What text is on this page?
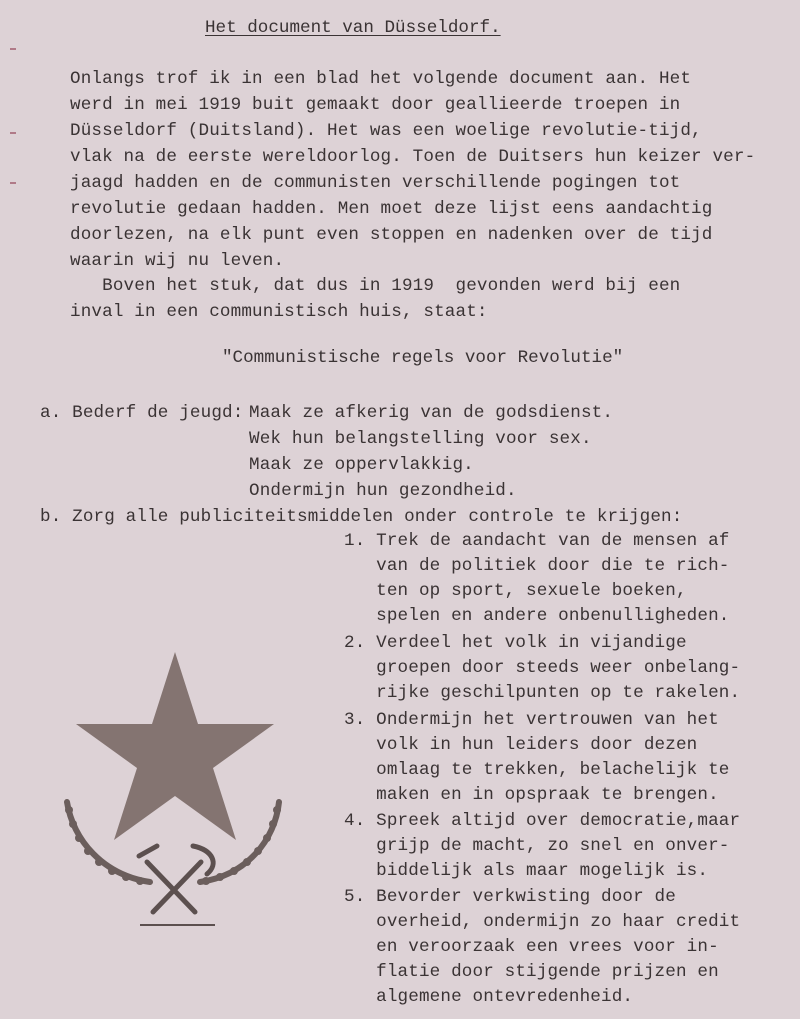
Het document van Düsseldorf.
Onlangs trof ik in een blad het volgende document aan. Het
werd in mei 1919 buit gemaakt door geallieerde troepen in
Düsseldorf (Duitsland). Het was een woelige revolutie-tijd,
vlak na de eerste wereldoorlog. Toen de Duitsers hun keizer ver-
jaagd hadden en de communisten verschillende pogingen tot
revolutie gedaan hadden. Men moet deze lijst eens aandachtig
doorlezen, na elk punt even stoppen en nadenken over de tijd
waarin wij nu leven.
Boven het stuk, dat dus in 1919  gevonden werd bij een
inval in een communistisch huis, staat:
"Communistische regels voor Revolutie"
a. Bederf de jeugd: Maak ze afkerig van de godsdienst.
Wek hun belangstelling voor sex.
Maak ze oppervlakkig.
Ondermijn hun gezondheid.
b. Zorg alle publiciteitsmiddelen onder controle te krijgen:
1. Trek de aandacht van de mensen af
van de politiek door die te rich-
ten op sport, sexuele boeken,
spelen en andere onbenulligheden.
2. Verdeel het volk in vijandige
groepen door steeds weer onbelang-
rijke geschilpunten op te rakelen.
3. Ondermijn het vertrouwen van het
volk in hun leiders door dezen
omlaag te trekken, belachelijk te
maken en in opspraak te brengen.
4. Spreek altijd over democratie,maar
grijp de macht, zo snel en onver-
biddelijk als maar mogelijk is.
5. Bevorder verkwisting door de
overheid, ondermijn zo haar credit
en veroorzaak een vrees voor in-
flatie door stijgende prijzen en
algemene ontevredenheid.
